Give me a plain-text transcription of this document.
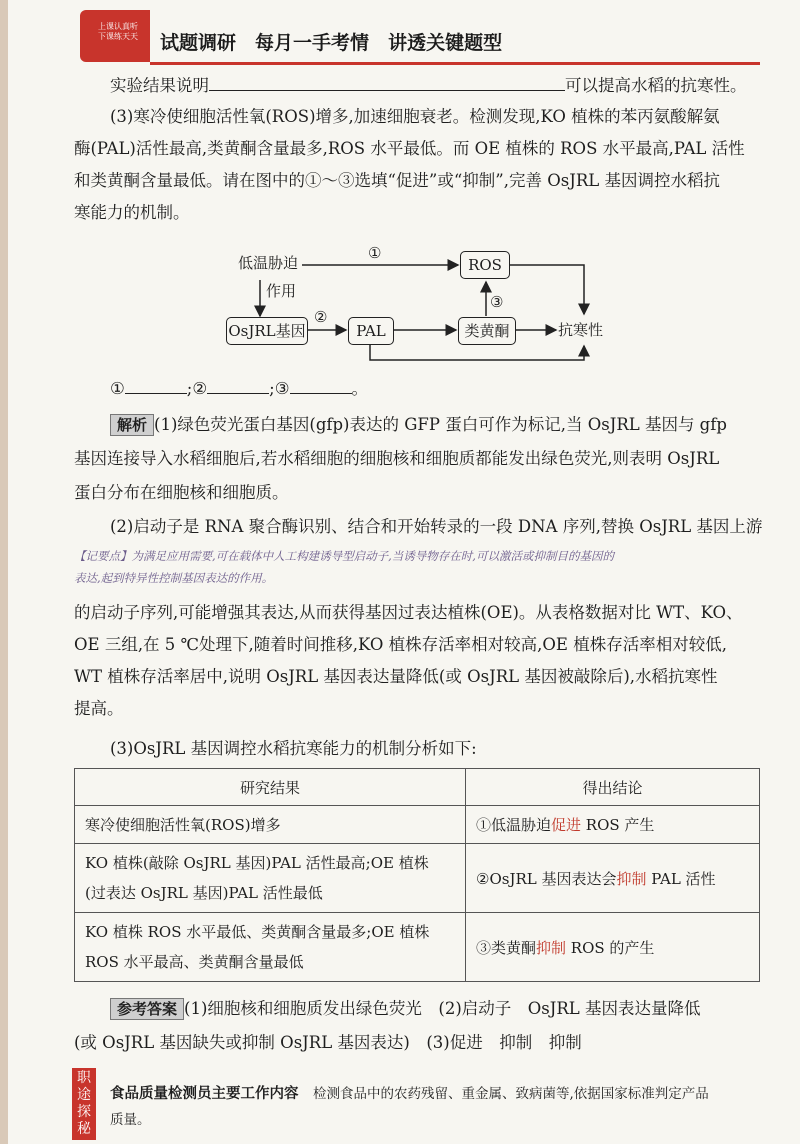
上课认真听 下课练天天	试题调研　 每月一手考情　 讲透关键题型
实验结果说明	可以提高水稻的抗寒性。
(3)寒冷使细胞活性氧(ROS)增多,加速细胞衰老。检测发现,KO 植株的苯丙氨酸解氨
酶(PAL)活性最高,类黄酮含量最多,ROS 水平最低。而 OE 植株的 ROS 水平最高,PAL 活性
和类黄酮含量最低。请在图中的①～③选填“促进”或“抑制”,完善 OsJRL 基因调控水稻抗
寒能力的机制。
低温胁迫
作用
①
ROS
③
OsJRL基因
②
PAL	类黄酮	抗寒性
①	;②	;③	。
解析 (1)绿色荧光蛋白基因(gfp)表达的 GFP 蛋白可作为标记,当 OsJRL 基因与 gfp
基因连接导入水稻细胞后,若水稻细胞的细胞核和细胞质都能发出绿色荧光,则表明 OsJRL
蛋白分布在细胞核和细胞质。
(2)启动子是 RNA 聚合酶识别、结合和开始转录的一段 DNA 序列,替换 OsJRL 基因上游
【记要点】为满足应用需要,可在载体中人工构建诱导型启动子,当诱导物存在时,可以激活或抑制目的基因的
表达,起到特异性控制基因表达的作用。
的启动子序列,可能增强其表达,从而获得基因过表达植株(OE)。从表格数据对比 WT、KO、
OE 三组,在 5 ℃处理下,随着时间推移,KO 植株存活率相对较高,OE 植株存活率相对较低,
WT 植株存活率居中,说明 OsJRL 基因表达量降低(或 OsJRL 基因被敲除后),水稻抗寒性
提高。
(3)OsJRL 基因调控水稻抗寒能力的机制分析如下:
研究结果	得出结论
寒冷使细胞活性氧(ROS)增多	①低温胁迫促进 ROS 产生
KO 植株(敲除 OsJRL 基因)PAL 活性最高;OE 植株
(过表达 OsJRL 基因)PAL 活性最低	②OsJRL 基因表达会抑制 PAL 活性
KO 植株 ROS 水平最低、类黄酮含量最多;OE 植株
ROS 水平最高、类黄酮含量最低	③类黄酮抑制 ROS 的产生
参考答案 (1)细胞核和细胞质发出绿色荧光　(2)启动子　OsJRL 基因表达量降低
(或 OsJRL 基因缺失或抑制 OsJRL 基因表达)　(3)促进　抑制　抑制
职途探秘
食品质量检测员主要工作内容　 检测食品中的农药残留、重金属、致病菌等,依据国家标准判定产品
质量。
